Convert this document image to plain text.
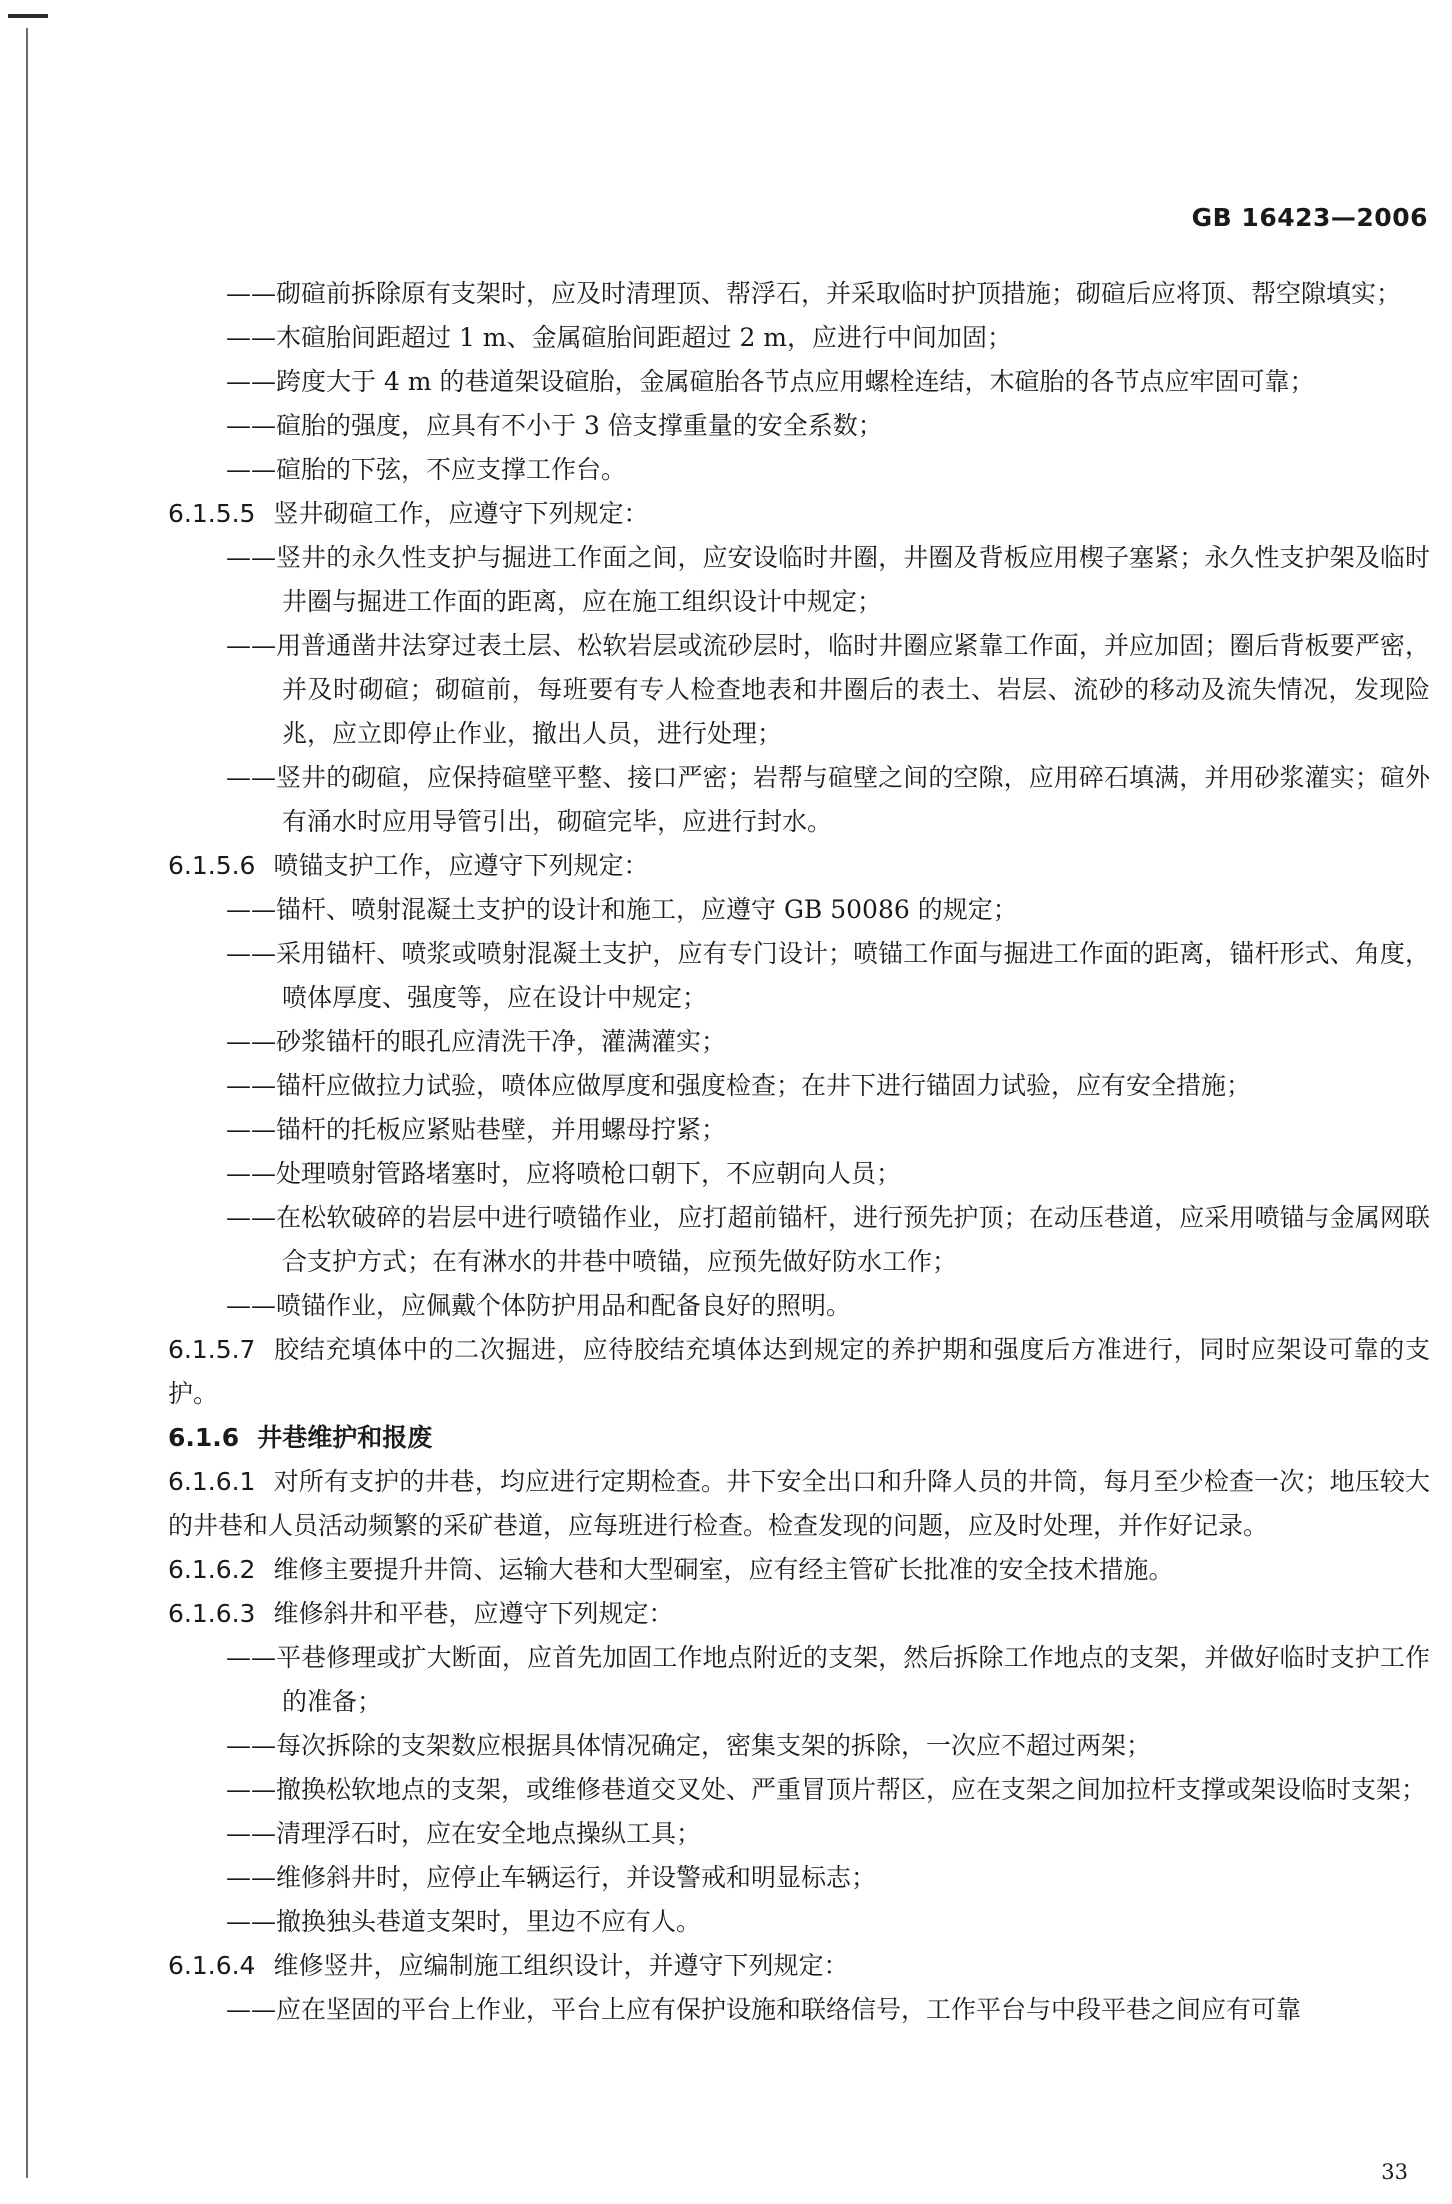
GB 16423—2006
——砌碹前拆除原有支架时，应及时清理顶、帮浮石，并采取临时护顶措施；砌碹后应将顶、帮空隙填实；
——木碹胎间距超过 1 m、金属碹胎间距超过 2 m，应进行中间加固；
——跨度大于 4 m 的巷道架设碹胎，金属碹胎各节点应用螺栓连结，木碹胎的各节点应牢固可靠；
——碹胎的强度，应具有不小于 3 倍支撑重量的安全系数；
——碹胎的下弦，不应支撑工作台。
6.1.5.5 竖井砌碹工作，应遵守下列规定：
——竖井的永久性支护与掘进工作面之间，应安设临时井圈，井圈及背板应用楔子塞紧；永久性支护架及临时井圈与掘进工作面的距离，应在施工组织设计中规定；
——用普通凿井法穿过表土层、松软岩层或流砂层时，临时井圈应紧靠工作面，并应加固；圈后背板要严密，并及时砌碹；砌碹前，每班要有专人检查地表和井圈后的表土、岩层、流砂的移动及流失情况，发现险兆，应立即停止作业，撤出人员，进行处理；
——竖井的砌碹，应保持碹壁平整、接口严密；岩帮与碹壁之间的空隙，应用碎石填满，并用砂浆灌实；碹外有涌水时应用导管引出，砌碹完毕，应进行封水。
6.1.5.6 喷锚支护工作，应遵守下列规定：
——锚杆、喷射混凝土支护的设计和施工，应遵守 GB 50086 的规定；
——采用锚杆、喷浆或喷射混凝土支护，应有专门设计；喷锚工作面与掘进工作面的距离，锚杆形式、角度，喷体厚度、强度等，应在设计中规定；
——砂浆锚杆的眼孔应清洗干净，灌满灌实；
——锚杆应做拉力试验，喷体应做厚度和强度检查；在井下进行锚固力试验，应有安全措施；
——锚杆的托板应紧贴巷壁，并用螺母拧紧；
——处理喷射管路堵塞时，应将喷枪口朝下，不应朝向人员；
——在松软破碎的岩层中进行喷锚作业，应打超前锚杆，进行预先护顶；在动压巷道，应采用喷锚与金属网联合支护方式；在有淋水的井巷中喷锚，应预先做好防水工作；
——喷锚作业，应佩戴个体防护用品和配备良好的照明。
6.1.5.7 胶结充填体中的二次掘进，应待胶结充填体达到规定的养护期和强度后方准进行，同时应架设可靠的支护。
6.1.6 井巷维护和报废
6.1.6.1 对所有支护的井巷，均应进行定期检查。井下安全出口和升降人员的井筒，每月至少检查一次；地压较大的井巷和人员活动频繁的采矿巷道，应每班进行检查。检查发现的问题，应及时处理，并作好记录。
6.1.6.2 维修主要提升井筒、运输大巷和大型硐室，应有经主管矿长批准的安全技术措施。
6.1.6.3 维修斜井和平巷，应遵守下列规定：
——平巷修理或扩大断面，应首先加固工作地点附近的支架，然后拆除工作地点的支架，并做好临时支护工作的准备；
——每次拆除的支架数应根据具体情况确定，密集支架的拆除，一次应不超过两架；
——撤换松软地点的支架，或维修巷道交叉处、严重冒顶片帮区，应在支架之间加拉杆支撑或架设临时支架；
——清理浮石时，应在安全地点操纵工具；
——维修斜井时，应停止车辆运行，并设警戒和明显标志；
——撤换独头巷道支架时，里边不应有人。
6.1.6.4 维修竖井，应编制施工组织设计，并遵守下列规定：
——应在坚固的平台上作业，平台上应有保护设施和联络信号，工作平台与中段平巷之间应有可靠
33
